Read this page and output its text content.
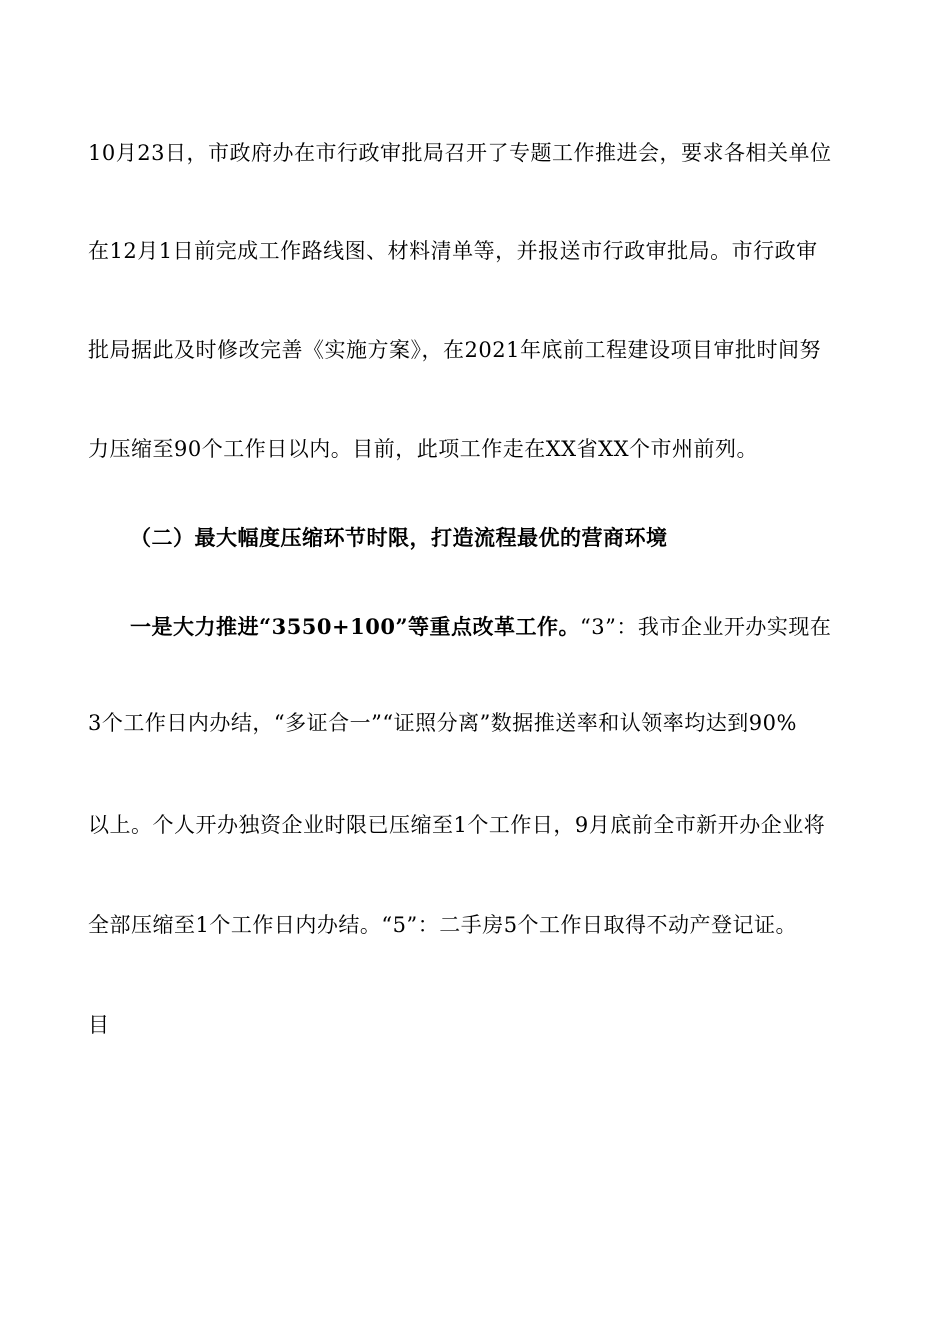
10月23日，市政府办在市行政审批局召开了专题工作推进会，要求各相关单位
在12月1日前完成工作路线图、材料清单等，并报送市行政审批局。市行政审
批局据此及时修改完善《实施方案》，在2021年底前工程建设项目审批时间努
力压缩至90个工作日以内。目前，此项工作走在XX省XX个市州前列。
（二）最大幅度压缩环节时限，打造流程最优的营商环境
一是大力推进“3550+100”等重点改革工作。“3”：我市企业开办实现在
3个工作日内办结，“多证合一”“证照分离”数据推送率和认领率均达到90%
以上。个人开办独资企业时限已压缩至1个工作日，9月底前全市新开办企业将
全部压缩至1个工作日内办结。“5”：二手房5个工作日取得不动产登记证。
目
